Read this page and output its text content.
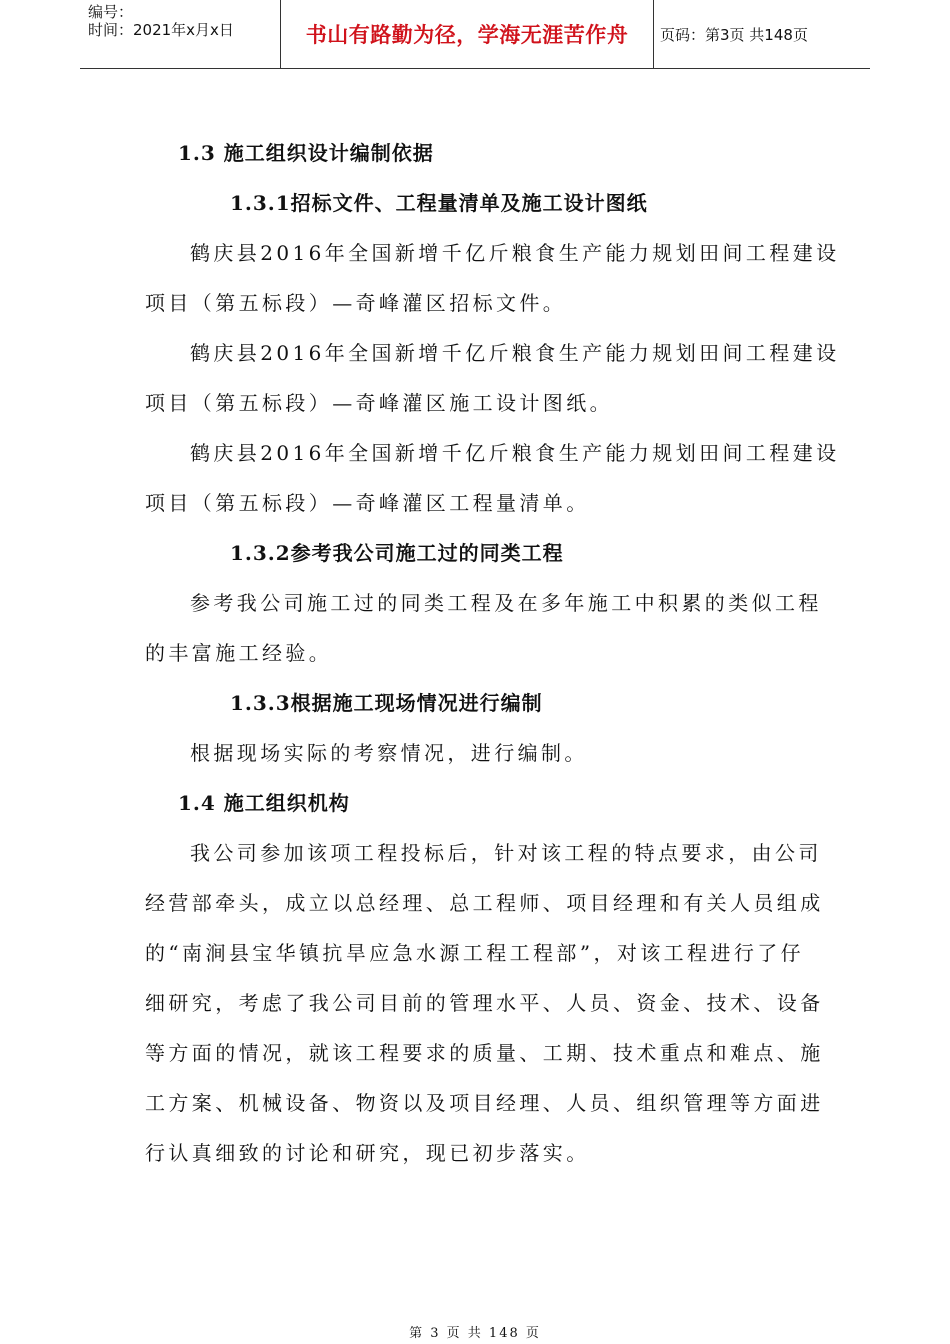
编号：
时间：2021年x月x日	书山有路勤为径，学海无涯苦作舟	页码：第3页 共148页
1.3 施工组织设计编制依据
1.3.1招标文件、工程量清单及施工设计图纸
鹤庆县2016年全国新增千亿斤粮食生产能力规划田间工程建设
项目（第五标段）—奇峰灌区招标文件。
鹤庆县2016年全国新增千亿斤粮食生产能力规划田间工程建设
项目（第五标段）—奇峰灌区施工设计图纸。
鹤庆县2016年全国新增千亿斤粮食生产能力规划田间工程建设
项目（第五标段）—奇峰灌区工程量清单。
1.3.2参考我公司施工过的同类工程
参考我公司施工过的同类工程及在多年施工中积累的类似工程
的丰富施工经验。
1.3.3根据施工现场情况进行编制
根据现场实际的考察情况，进行编制。
1.4 施工组织机构
我公司参加该项工程投标后，针对该工程的特点要求，由公司
经营部牵头，成立以总经理、总工程师、项目经理和有关人员组成
的“南涧县宝华镇抗旱应急水源工程工程部”，对该工程进行了仔
细研究，考虑了我公司目前的管理水平、人员、资金、技术、设备
等方面的情况，就该工程要求的质量、工期、技术重点和难点、施
工方案、机械设备、物资以及项目经理、人员、组织管理等方面进
行认真细致的讨论和研究，现已初步落实。
第 3 页 共 148 页
